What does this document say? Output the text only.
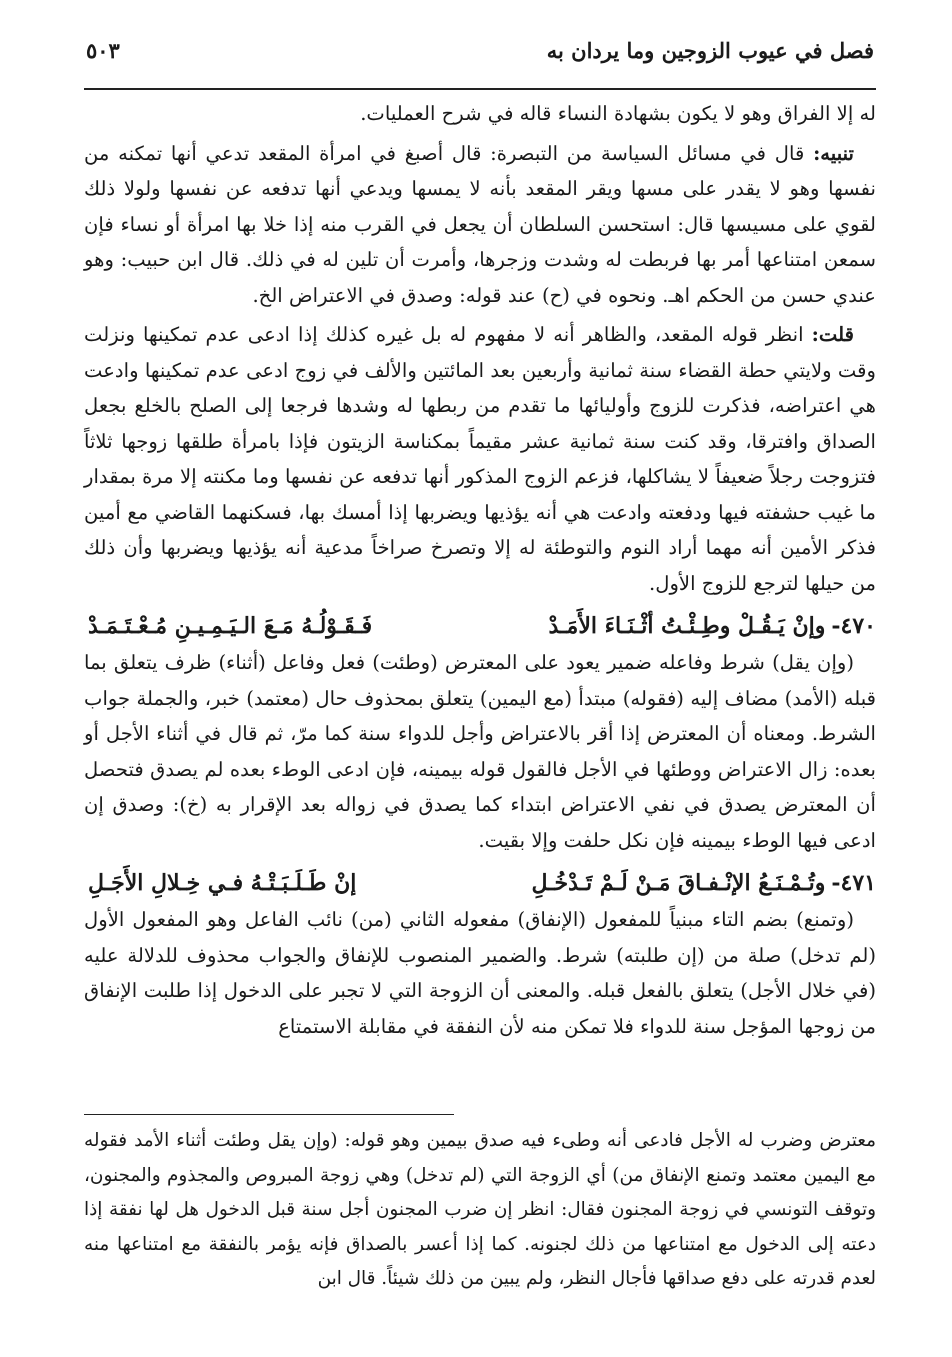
فصل في عيوب الزوجين وما يردان به
٥٠٣

له إلا الفراق وهو لا يكون بشهادة النساء قاله في شرح العمليات.

تنبيه: قال في مسائل السياسة من التبصرة: قال أصبغ في امرأة المقعد تدعي أنها تمكنه من نفسها وهو لا يقدر على مسها ويقر المقعد بأنه لا يمسها ويدعي أنها تدفعه عن نفسها ولولا ذلك لقوي على مسيسها قال: استحسن السلطان أن يجعل في القرب منه إذا خلا بها امرأة أو نساء فإن سمعن امتناعها أمر بها فربطت له وشدت وزجرها، وأمرت أن تلين له في ذلك. قال ابن حبيب: وهو عندي حسن من الحكم اهـ. ونحوه في (ح) عند قوله: وصدق في الاعتراض الخ.

قلت: انظر قوله المقعد، والظاهر أنه لا مفهوم له بل غيره كذلك إذا ادعى عدم تمكينها ونزلت وقت ولايتي حطة القضاء سنة ثمانية وأربعين بعد المائتين والألف في زوج ادعى عدم تمكينها وادعت هي اعتراضه، فذكرت للزوج وأوليائها ما تقدم من ربطها له وشدها فرجعا إلى الصلح بالخلع بجعل الصداق وافترقا، وقد كنت سنة ثمانية عشر مقيماً بمكناسة الزيتون فإذا بامرأة طلقها زوجها ثلاثاً فتزوجت رجلاً ضعيفاً لا يشاكلها، فزعم الزوج المذكور أنها تدفعه عن نفسها وما مكنته إلا مرة بمقدار ما غيب حشفته فيها ودفعته وادعت هي أنه يؤذيها ويضربها إذا أمسك بها، فسكنهما القاضي مع أمين فذكر الأمين أنه مهما أراد النوم والتوطئة له إلا وتصرخ صراخاً مدعية أنه يؤذيها ويضربها وأن ذلك من حيلها لترجع للزوج الأول.

٤٧٠-وإنْ يَـقُـلْ وطِـئْـتُ أثْـنَـاءَ الأَمَـدْ
فَـقَـوْلُـهُ مَـعَ الـيَـمِـيـنِ مُـعْـتَـمَـدْ

(وإن يقل) شرط وفاعله ضمير يعود على المعترض (وطئت) فعل وفاعل (أثناء) ظرف يتعلق بما قبله (الأمد) مضاف إليه (فقوله) مبتدأ (مع اليمين) يتعلق بمحذوف حال (معتمد) خبر، والجملة جواب الشرط. ومعناه أن المعترض إذا أقر بالاعتراض وأجل للدواء سنة كما مرّ، ثم قال في أثناء الأجل أو بعده: زال الاعتراض ووطئها في الأجل فالقول قوله بيمينه، فإن ادعى الوطء بعده لم يصدق فتحصل أن المعترض يصدق في نفي الاعتراض ابتداء كما يصدق في زواله بعد الإقرار به (خ): وصدق إن ادعى فيها الوطء بيمينه فإن نكل حلفت وإلا بقيت.

٤٧١-وتُـمْـنَـعُ الإنْـفـاقَ مَـنْ لَـمْ تَـدْخُـلِ
إنْ طَـلَـبَـتْـهُ فـي خِـلالِ الأَجَـلِ

(وتمنع) بضم التاء مبنياً للمفعول (الإنفاق) مفعوله الثاني (من) نائب الفاعل وهو المفعول الأول (لم تدخل) صلة من (إن طلبته) شرط. والضمير المنصوب للإنفاق والجواب محذوف للدلالة عليه (في خلال الأجل) يتعلق بالفعل قبله. والمعنى أن الزوجة التي لا تجبر على الدخول إذا طلبت الإنفاق من زوجها المؤجل سنة للدواء فلا تمكن منه لأن النفقة في مقابلة الاستمتاع

معترض وضرب له الأجل فادعى أنه وطىء فيه صدق بيمين وهو قوله: (وإن يقل وطئت أثناء الأمد فقوله مع اليمين معتمد وتمنع الإنفاق من) أي الزوجة التي (لم تدخل) وهي زوجة المبروص والمجذوم والمجنون، وتوقف التونسي في زوجة المجنون فقال: انظر إن ضرب المجنون أجل سنة قبل الدخول هل لها نفقة إذا دعته إلى الدخول مع امتناعها من ذلك لجنونه. كما إذا أعسر بالصداق فإنه يؤمر بالنفقة مع امتناعها منه لعدم قدرته على دفع صداقها فأجال النظر، ولم يبين من ذلك شيئاً. قال ابن
